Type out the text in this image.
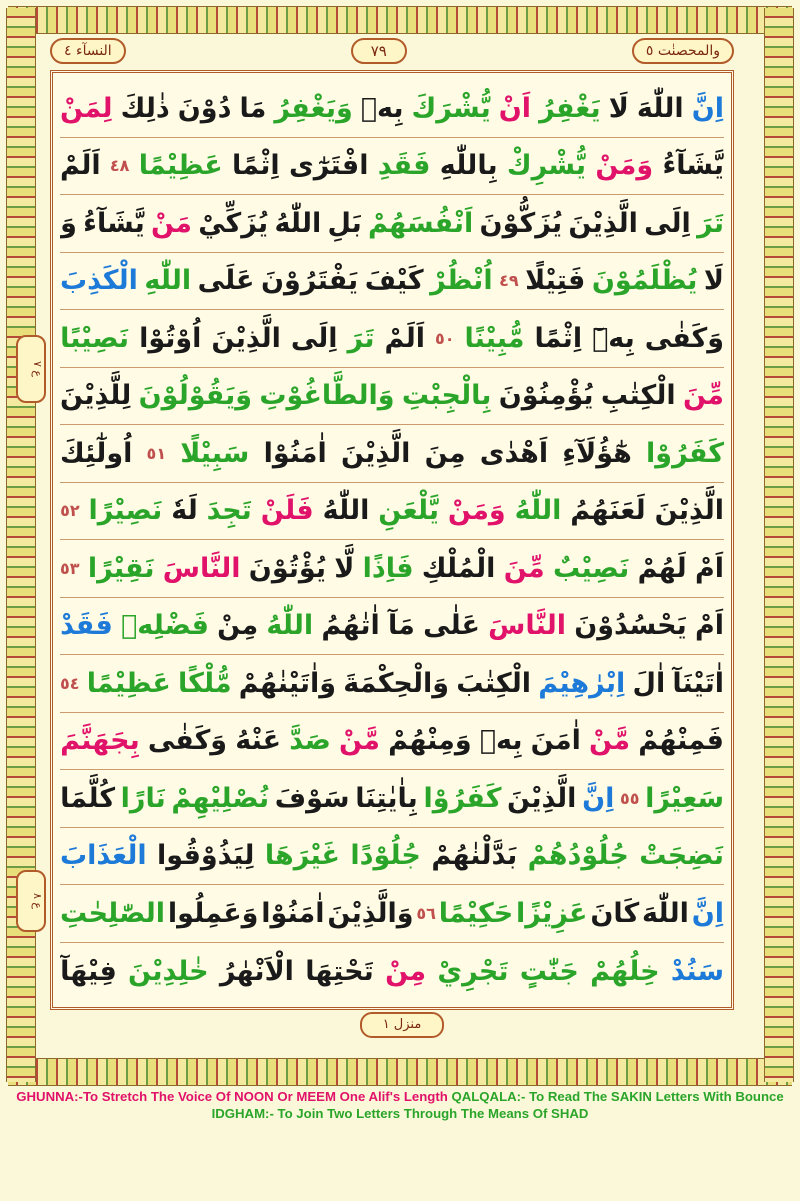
النسآء ٤	٧٩	والمحصنٰت ٥
ع ٧
ع ٨
اِنَّ
اللّٰهَ
لَا
يَغْفِرُ
اَنْ
يُّشْرَكَ
بِهٖ
وَيَغْفِرُ
مَا
دُوْنَ
ذٰلِكَ
لِمَنْ
يَّشَآءُ
وَمَنْ
يُّشْرِكْ
بِاللّٰهِ
فَقَدِ
افْتَرٰٓى
اِثْمًا
عَظِيْمًا
٤٨
اَلَمْ
تَرَ
اِلَى
الَّذِيْنَ
يُزَكُّوْنَ
اَنْفُسَهُمْ
بَلِ
اللّٰهُ
يُزَكِّيْ
مَنْ
يَّشَآءُ
وَ
لَا
يُظْلَمُوْنَ
فَتِيْلًا
٤٩
اُنْظُرْ
كَيْفَ
يَفْتَرُوْنَ
عَلَى
اللّٰهِ
الْكَذِبَ
وَكَفٰى
بِهٖٓ
اِثْمًا
مُّبِيْنًا
٥٠
اَلَمْ
تَرَ
اِلَى
الَّذِيْنَ
اُوْتُوْا
نَصِيْبًا
مِّنَ
الْكِتٰبِ
يُؤْمِنُوْنَ
بِالْجِبْتِ
وَالطَّاغُوْتِ
وَيَقُوْلُوْنَ
لِلَّذِيْنَ
كَفَرُوْا
هٰٓؤُلَآءِ
اَهْدٰى
مِنَ
الَّذِيْنَ
اٰمَنُوْا
سَبِيْلًا
٥١
اُولٰٓئِكَ
الَّذِيْنَ
لَعَنَهُمُ
اللّٰهُ
وَمَنْ
يَّلْعَنِ
اللّٰهُ
فَلَنْ
تَجِدَ
لَهٗ
نَصِيْرًا
٥٢
اَمْ
لَهُمْ
نَصِيْبٌ
مِّنَ
الْمُلْكِ
فَاِذًا
لَّا
يُؤْتُوْنَ
النَّاسَ
نَقِيْرًا
٥٣
اَمْ
يَحْسُدُوْنَ
النَّاسَ
عَلٰى
مَآ
اٰتٰهُمُ
اللّٰهُ
مِنْ
فَضْلِهٖ
فَقَدْ
اٰتَيْنَآ
اٰلَ
اِبْرٰهِيْمَ
الْكِتٰبَ
وَالْحِكْمَةَ
وَاٰتَيْنٰهُمْ
مُّلْكًا
عَظِيْمًا
٥٤
فَمِنْهُمْ
مَّنْ
اٰمَنَ
بِهٖ
وَمِنْهُمْ
مَّنْ
صَدَّ
عَنْهُ
وَكَفٰى
بِجَهَنَّمَ
سَعِيْرًا
٥٥
اِنَّ
الَّذِيْنَ
كَفَرُوْا
بِاٰيٰتِنَا
سَوْفَ
نُصْلِيْهِمْ
نَارًا
كُلَّمَا
نَضِجَتْ
جُلُوْدُهُمْ
بَدَّلْنٰهُمْ
جُلُوْدًا
غَيْرَهَا
لِيَذُوْقُوا
الْعَذَابَ
اِنَّ
اللّٰهَ
كَانَ
عَزِيْزًا
حَكِيْمًا
٥٦
وَالَّذِيْنَ
اٰمَنُوْا
وَعَمِلُوا
الصّٰلِحٰتِ
سَنُدْ
خِلُهُمْ
جَنّٰتٍ
تَجْرِيْ
مِنْ
تَحْتِهَا
الْاَنْهٰرُ
خٰلِدِيْنَ
فِيْهَآ
منزل ١
GHUNNA:-To Stretch The Voice Of NOON Or MEEM One Alif's Length QALQALA:- To Read The SAKIN Letters With Bounce IDGHAM:- To Join Two Letters Through The Means Of SHAD
